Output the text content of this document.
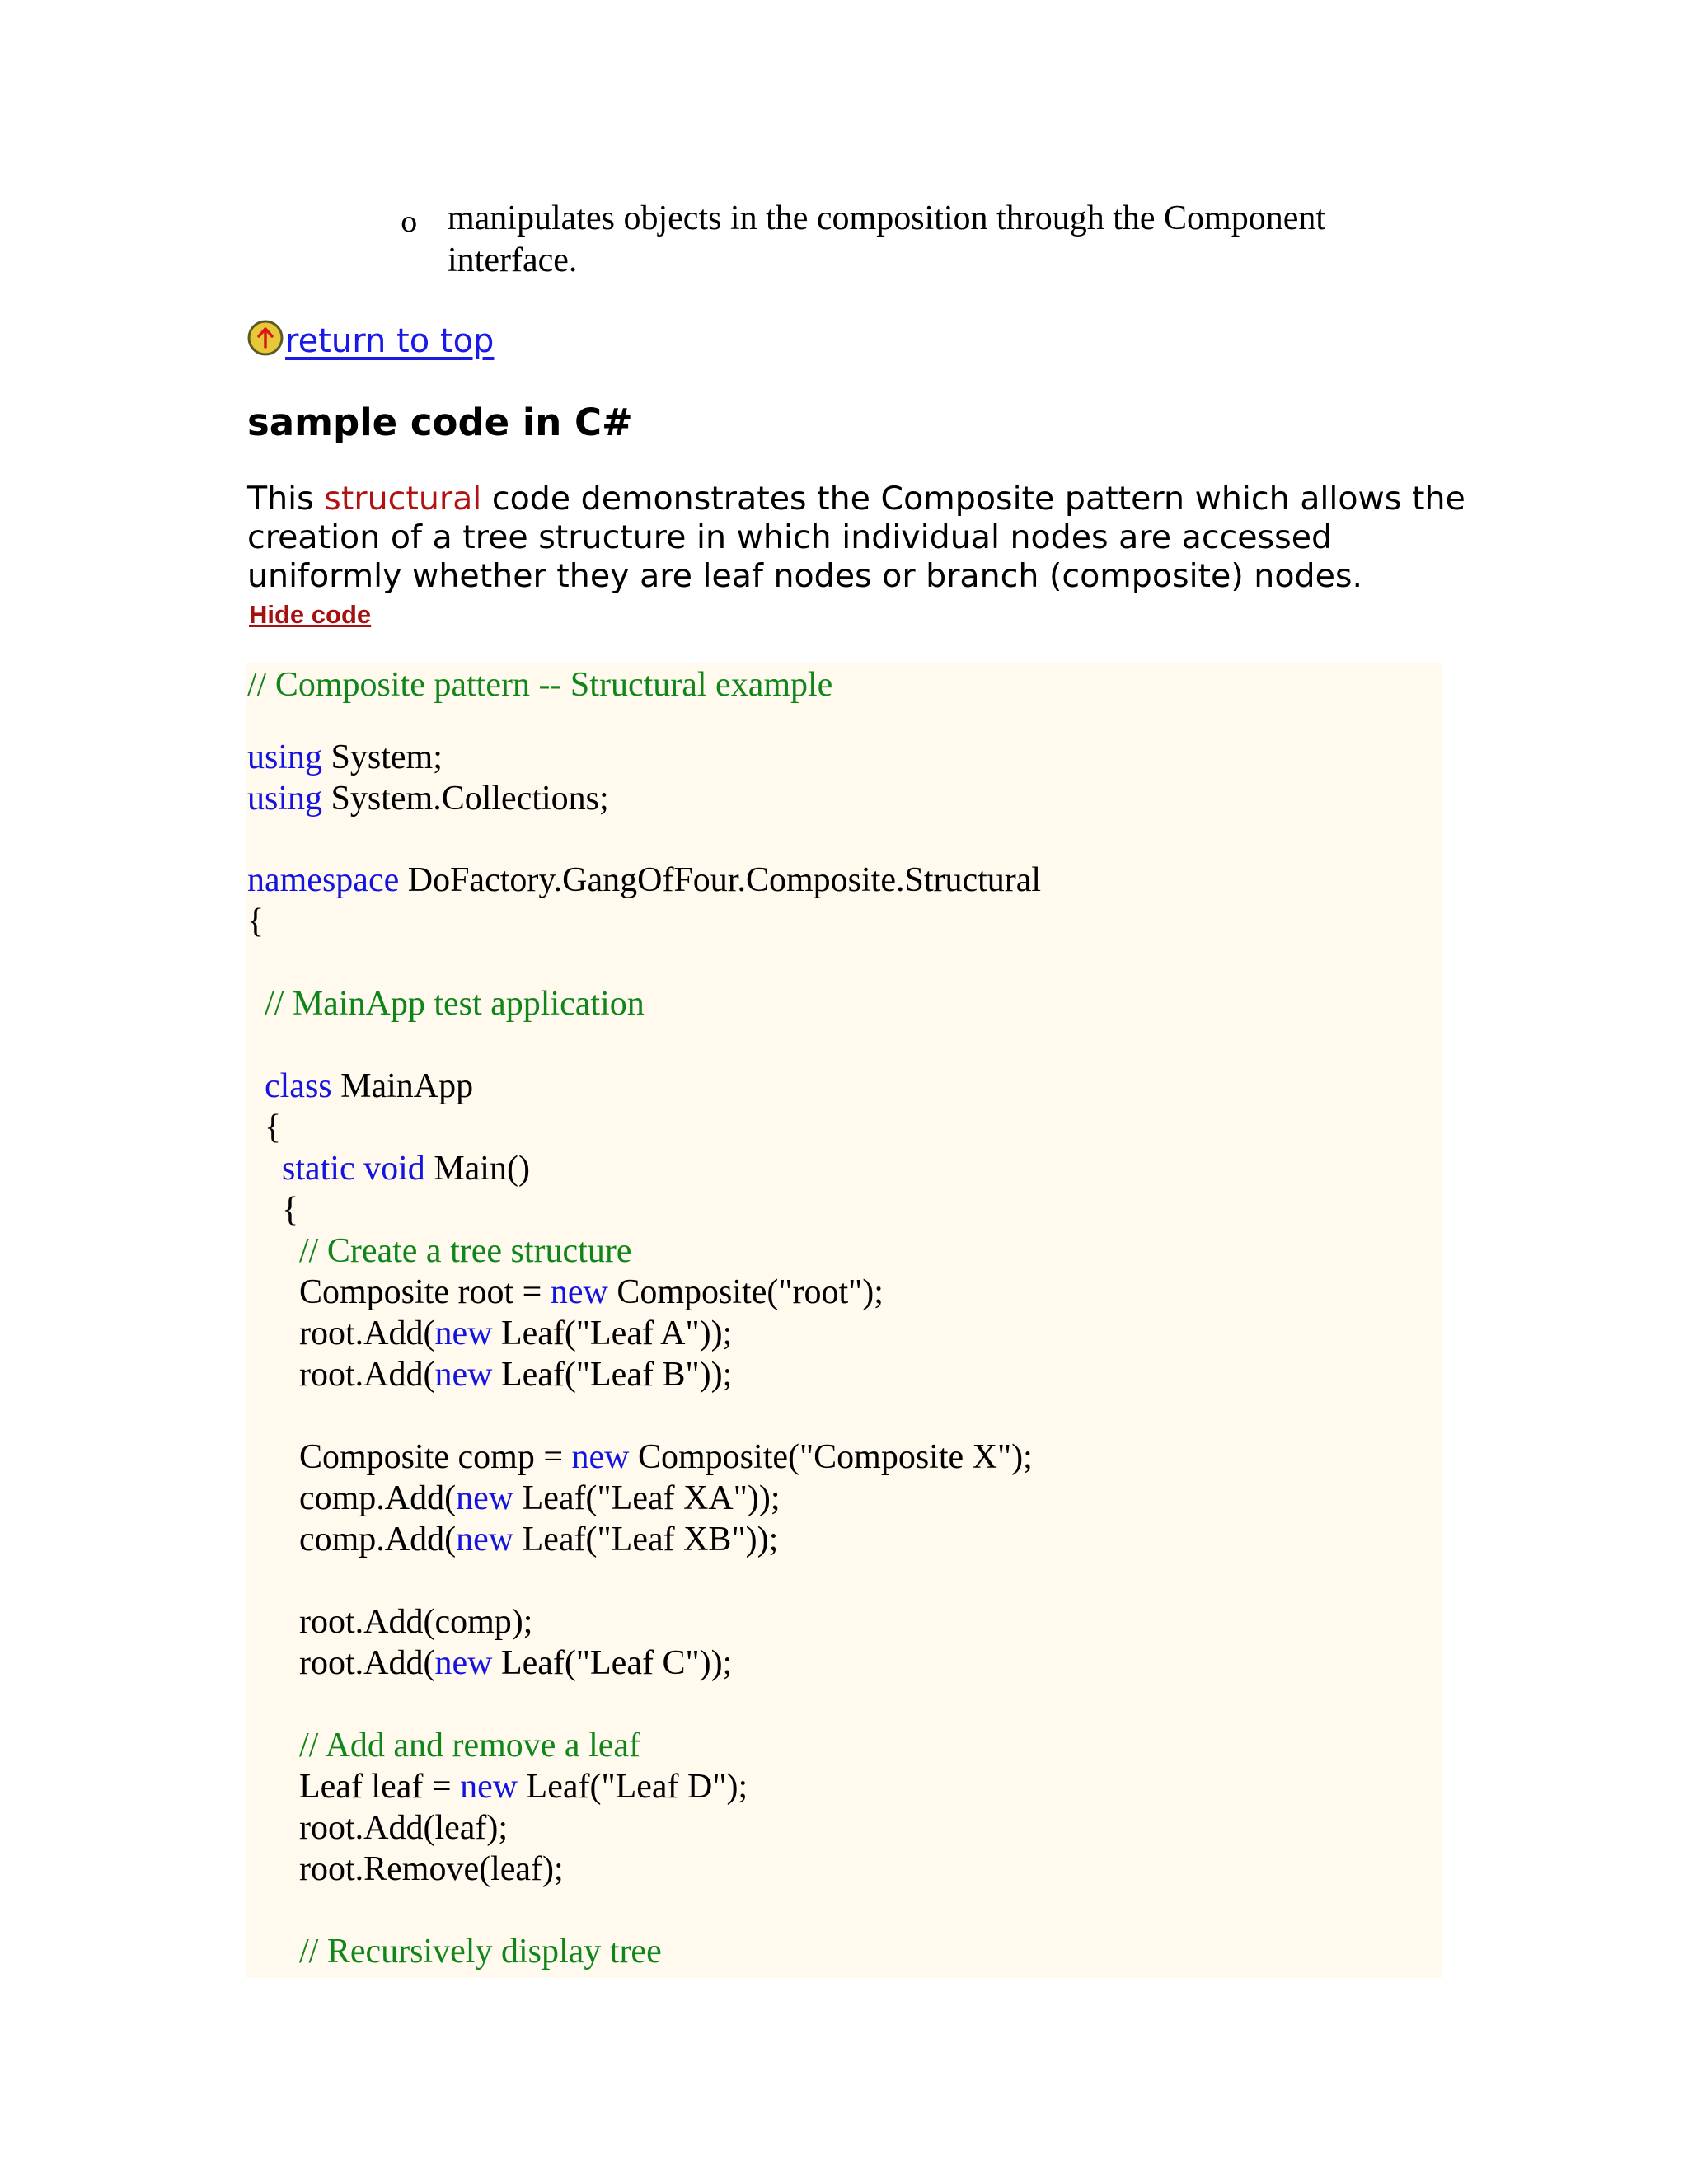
o manipulates objects in the composition through the Component interface.
return to top
sample code in C#

This structural code demonstrates the Composite pattern which allows the creation of a tree structure in which individual nodes are accessed uniformly whether they are leaf nodes or branch (composite) nodes.

Hide code
// Composite pattern -- Structural example
using System;
using System.Collections;
namespace DoFactory.GangOfFour.Composite.Structural
{
// MainApp test application
class MainApp
{
static void Main()
{
// Create a tree structure
Composite root = new Composite("root");
root.Add(new Leaf("Leaf A"));
root.Add(new Leaf("Leaf B"));
Composite comp = new Composite("Composite X");
comp.Add(new Leaf("Leaf XA"));
comp.Add(new Leaf("Leaf XB"));
root.Add(comp);
root.Add(new Leaf("Leaf C"));
// Add and remove a leaf
Leaf leaf = new Leaf("Leaf D");
root.Add(leaf);
root.Remove(leaf);
// Recursively display tree
